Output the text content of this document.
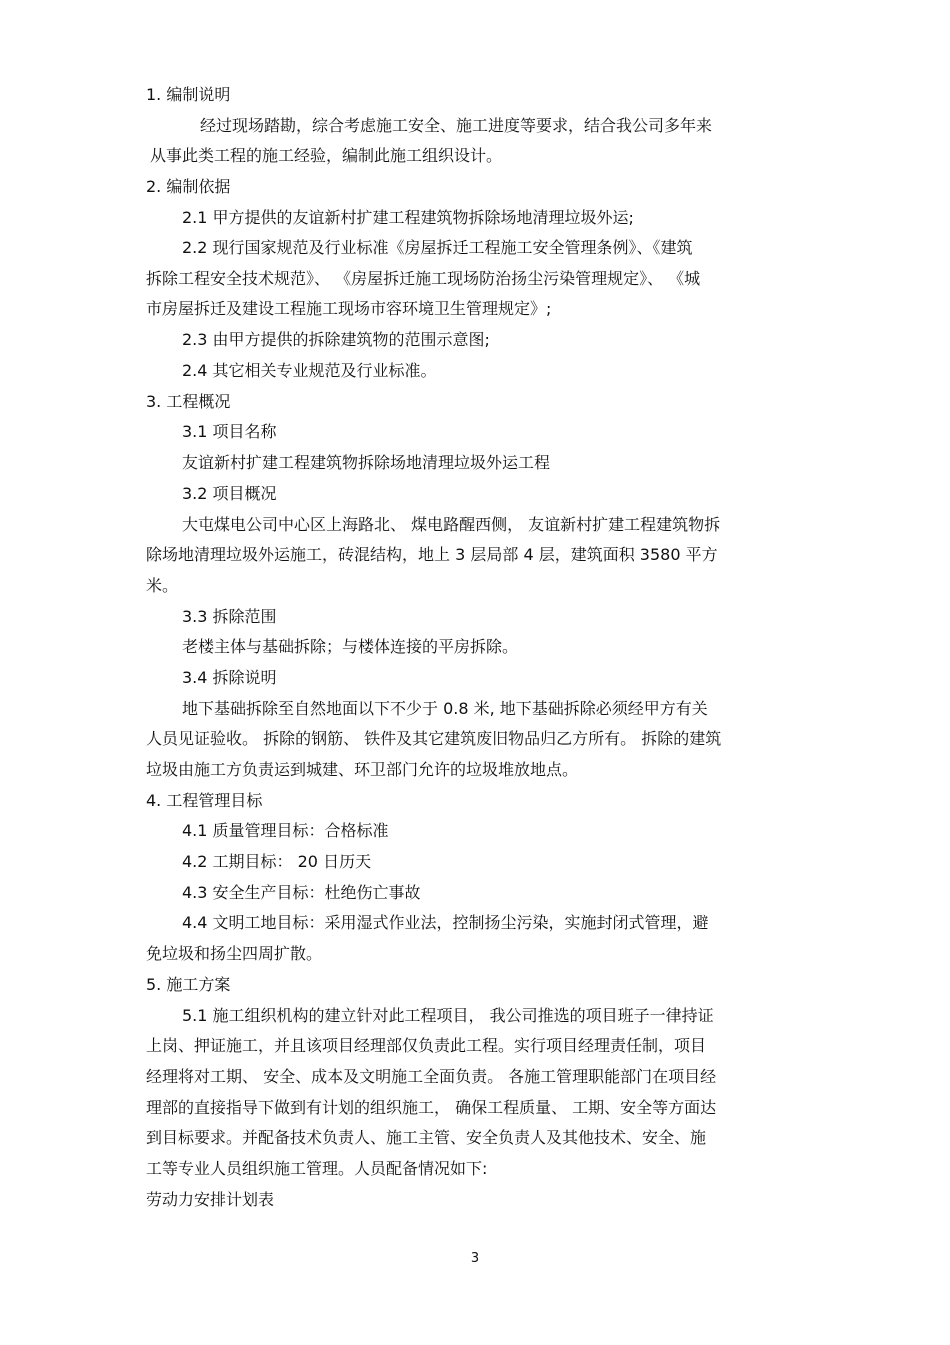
1. 编制说明

经过现场踏勘，综合考虑施工安全、施工进度等要求，结合我公司多年来

从事此类工程的施工经验，编制此施工组织设计。

2. 编制依据

2.1 甲方提供的友谊新村扩建工程建筑物拆除场地清理垃圾外运;

2.2 现行国家规范及行业标准《房屋拆迁工程施工安全管理条例》、《建筑

拆除工程安全技术规范》、 《房屋拆迁施工现场防治扬尘污染管理规定》、 《城

市房屋拆迁及建设工程施工现场市容环境卫生管理规定》;

2.3 由甲方提供的拆除建筑物的范围示意图;

2.4 其它相关专业规范及行业标准。

3. 工程概况

3.1 项目名称

友谊新村扩建工程建筑物拆除场地清理垃圾外运工程

3.2 项目概况

大屯煤电公司中心区上海路北、 煤电路醒西侧， 友谊新村扩建工程建筑物拆

除场地清理垃圾外运施工，砖混结构，地上 3 层局部 4 层，建筑面积 3580 平方

米。

3.3 拆除范围

老楼主体与基础拆除；与楼体连接的平房拆除。

3.4 拆除说明

地下基础拆除至自然地面以下不少于 0.8 米, 地下基础拆除必须经甲方有关

人员见证验收。 拆除的钢筋、 铁件及其它建筑废旧物品归乙方所有。 拆除的建筑

垃圾由施工方负责运到城建、环卫部门允许的垃圾堆放地点。

4. 工程管理目标

4.1 质量管理目标：合格标准

4.2 工期目标： 20 日历天

4.3 安全生产目标：杜绝伤亡事故

4.4 文明工地目标：采用湿式作业法，控制扬尘污染，实施封闭式管理，避

免垃圾和扬尘四周扩散。

5. 施工方案

5.1 施工组织机构的建立针对此工程项目， 我公司推选的项目班子一律持证

上岗、押证施工，并且该项目经理部仅负责此工程。实行项目经理责任制，项目

经理将对工期、 安全、成本及文明施工全面负责。 各施工管理职能部门在项目经

理部的直接指导下做到有计划的组织施工， 确保工程质量、 工期、安全等方面达

到目标要求。并配备技术负责人、施工主管、安全负责人及其他技术、安全、施

工等专业人员组织施工管理。人员配备情况如下:

劳动力安排计划表

3
